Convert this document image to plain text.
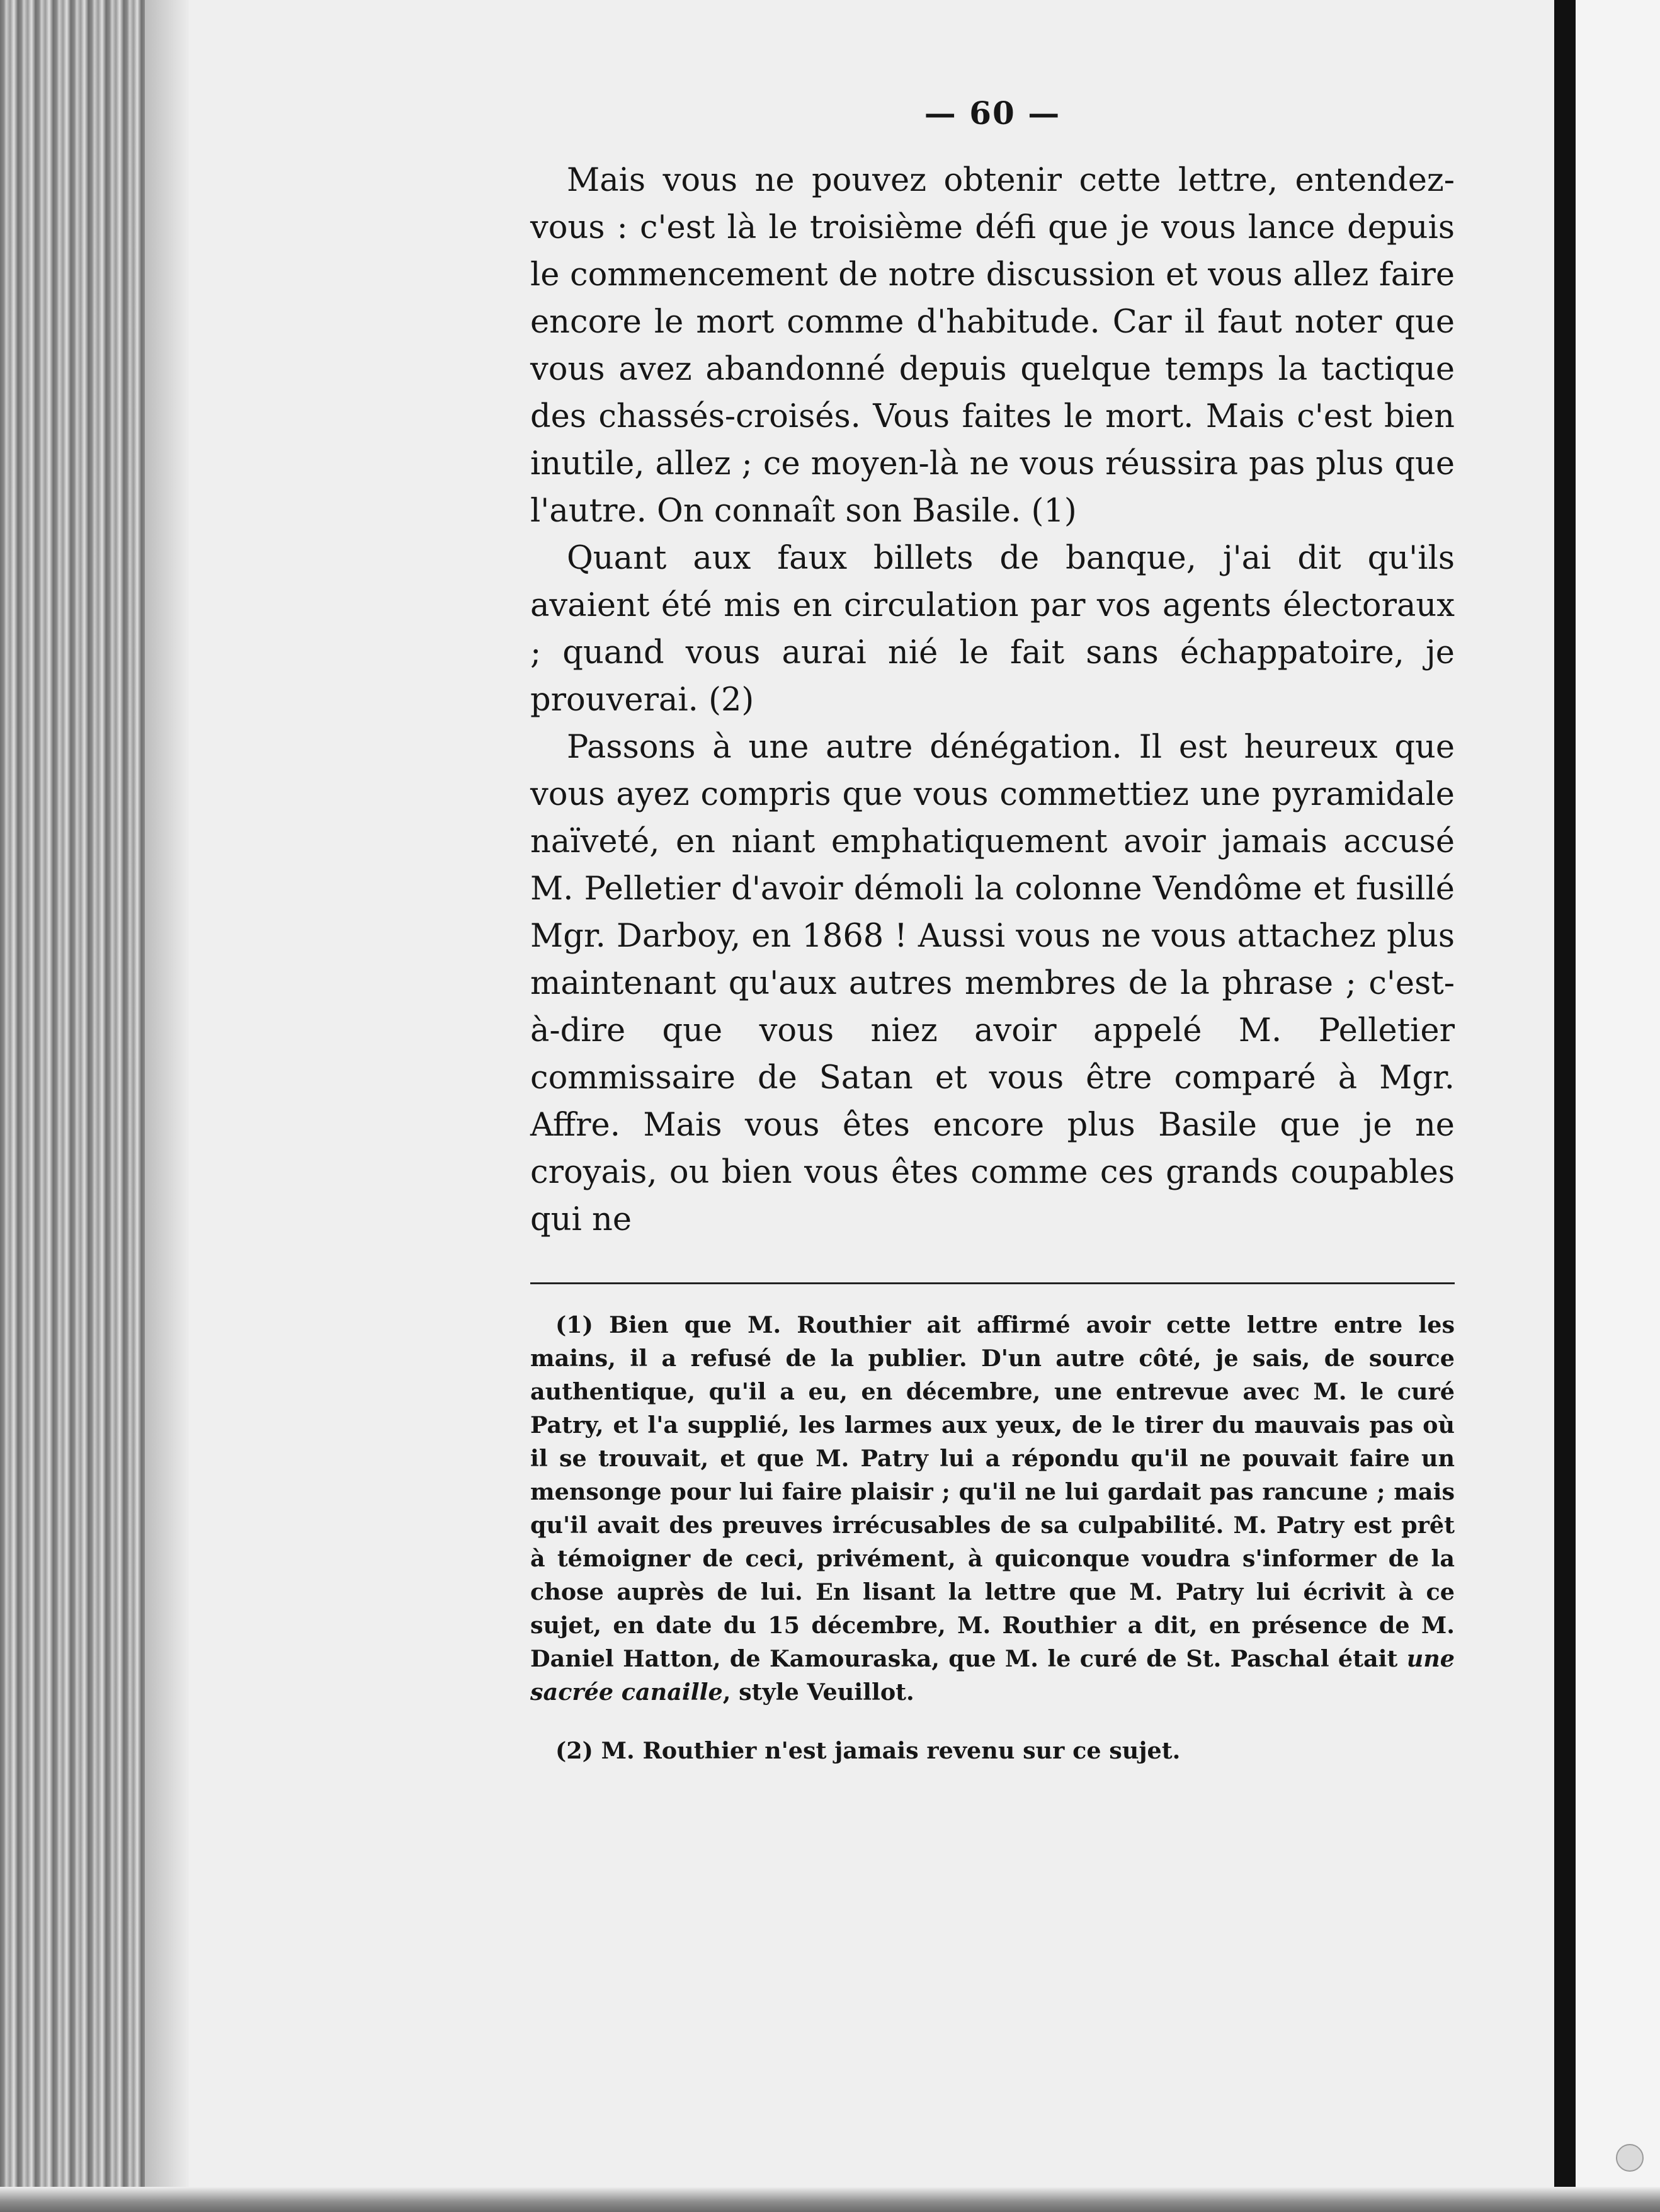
— 60 —

Mais vous ne pouvez obtenir cette lettre, entendez-vous : c'est là le troisième défi que je vous lance depuis le commencement de notre discussion et vous allez faire encore le mort comme d'habitude. Car il faut noter que vous avez abandonné depuis quelque temps la tactique des chassés-croisés. Vous faites le mort. Mais c'est bien inutile, allez ; ce moyen-là ne vous réussira pas plus que l'autre. On connaît son Basile. (1)

Quant aux faux billets de banque, j'ai dit qu'ils avaient été mis en circulation par vos agents électoraux ; quand vous aurai nié le fait sans échappatoire, je prouverai. (2)

Passons à une autre dénégation. Il est heureux que vous ayez compris que vous commettiez une pyramidale naïveté, en niant emphatiquement avoir jamais accusé M. Pelletier d'avoir démoli la colonne Vendôme et fusillé Mgr. Darboy, en 1868 ! Aussi vous ne vous attachez plus maintenant qu'aux autres membres de la phrase ; c'est-à-dire que vous niez avoir appelé M. Pelletier commissaire de Satan et vous être comparé à Mgr. Affre. Mais vous êtes encore plus Basile que je ne croyais, ou bien vous êtes comme ces grands coupables qui ne

(1) Bien que M. Routhier ait affirmé avoir cette lettre entre les mains, il a refusé de la publier. D'un autre côté, je sais, de source authentique, qu'il a eu, en décembre, une entrevue avec M. le curé Patry, et l'a supplié, les larmes aux yeux, de le tirer du mauvais pas où il se trouvait, et que M. Patry lui a répondu qu'il ne pouvait faire un mensonge pour lui faire plaisir ; qu'il ne lui gardait pas rancune ; mais qu'il avait des preuves irrécusables de sa culpabilité. M. Patry est prêt à témoigner de ceci, privément, à quiconque voudra s'informer de la chose auprès de lui. En lisant la lettre que M. Patry lui écrivit à ce sujet, en date du 15 décembre, M. Routhier a dit, en présence de M. Daniel Hatton, de Kamouraska, que M. le curé de St. Paschal était une sacrée canaille, style Veuillot.

(2) M. Routhier n'est jamais revenu sur ce sujet.
